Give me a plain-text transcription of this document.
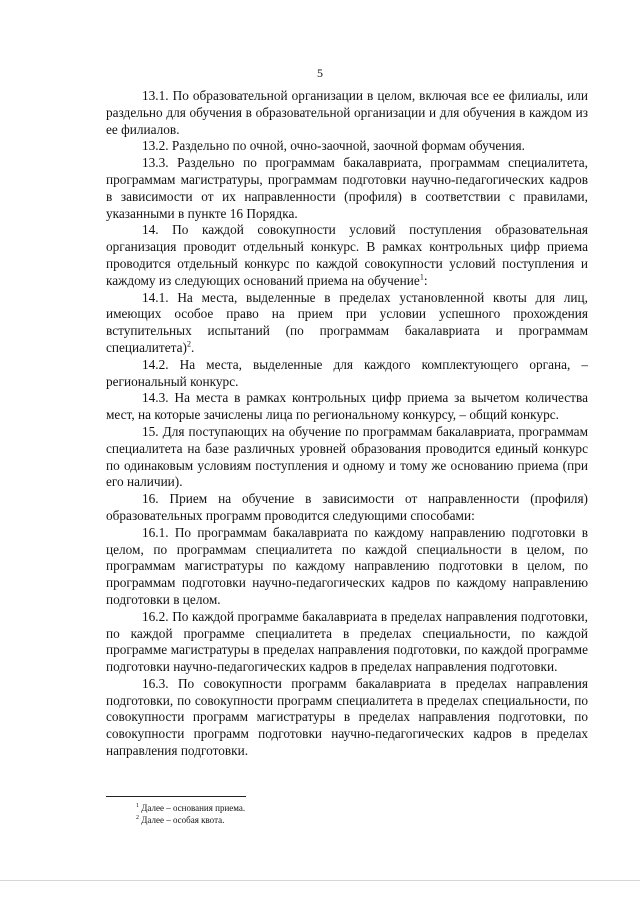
5

13.1. По образовательной организации в целом, включая все ее филиалы, или раздельно для обучения в образовательной организации и для обучения в каждом из ее филиалов.

13.2. Раздельно по очной, очно-заочной, заочной формам обучения.

13.3. Раздельно по программам бакалавриата, программам специалитета, программам магистратуры, программам подготовки научно-педагогических кадров в зависимости от их направленности (профиля) в соответствии с правилами, указанными в пункте 16 Порядка.

14. По каждой совокупности условий поступления образовательная организация проводит отдельный конкурс. В рамках контрольных цифр приема проводится отдельный конкурс по каждой совокупности условий поступления и каждому из следующих оснований приема на обучение$^1$:

14.1. На места, выделенные в пределах установленной квоты для лиц, имеющих особое право на прием при условии успешного прохождения вступительных испытаний (по программам бакалавриата и программам специалитета)$^2$.

14.2. На места, выделенные для каждого комплектующего органа, – региональный конкурс.

14.3. На места в рамках контрольных цифр приема за вычетом количества мест, на которые зачислены лица по региональному конкурсу, – общий конкурс.

15. Для поступающих на обучение по программам бакалавриата, программам специалитета на базе различных уровней образования проводится единый конкурс по одинаковым условиям поступления и одному и тому же основанию приема (при его наличии).

16. Прием на обучение в зависимости от направленности (профиля) образовательных программ проводится следующими способами:

16.1. По программам бакалавриата по каждому направлению подготовки в целом, по программам специалитета по каждой специальности в целом, по программам магистратуры по каждому направлению подготовки в целом, по программам подготовки научно-педагогических кадров по каждому направлению подготовки в целом.

16.2. По каждой программе бакалавриата в пределах направления подготовки, по каждой программе специалитета в пределах специальности, по каждой программе магистратуры в пределах направления подготовки, по каждой программе подготовки научно-педагогических кадров в пределах направления подготовки.

16.3. По совокупности программ бакалавриата в пределах направления подготовки, по совокупности программ специалитета в пределах специальности, по совокупности программ магистратуры в пределах направления подготовки, по совокупности программ подготовки научно-педагогических кадров в пределах направления подготовки.

$^1$ Далее – основания приема.
$^2$ Далее – особая квота.
